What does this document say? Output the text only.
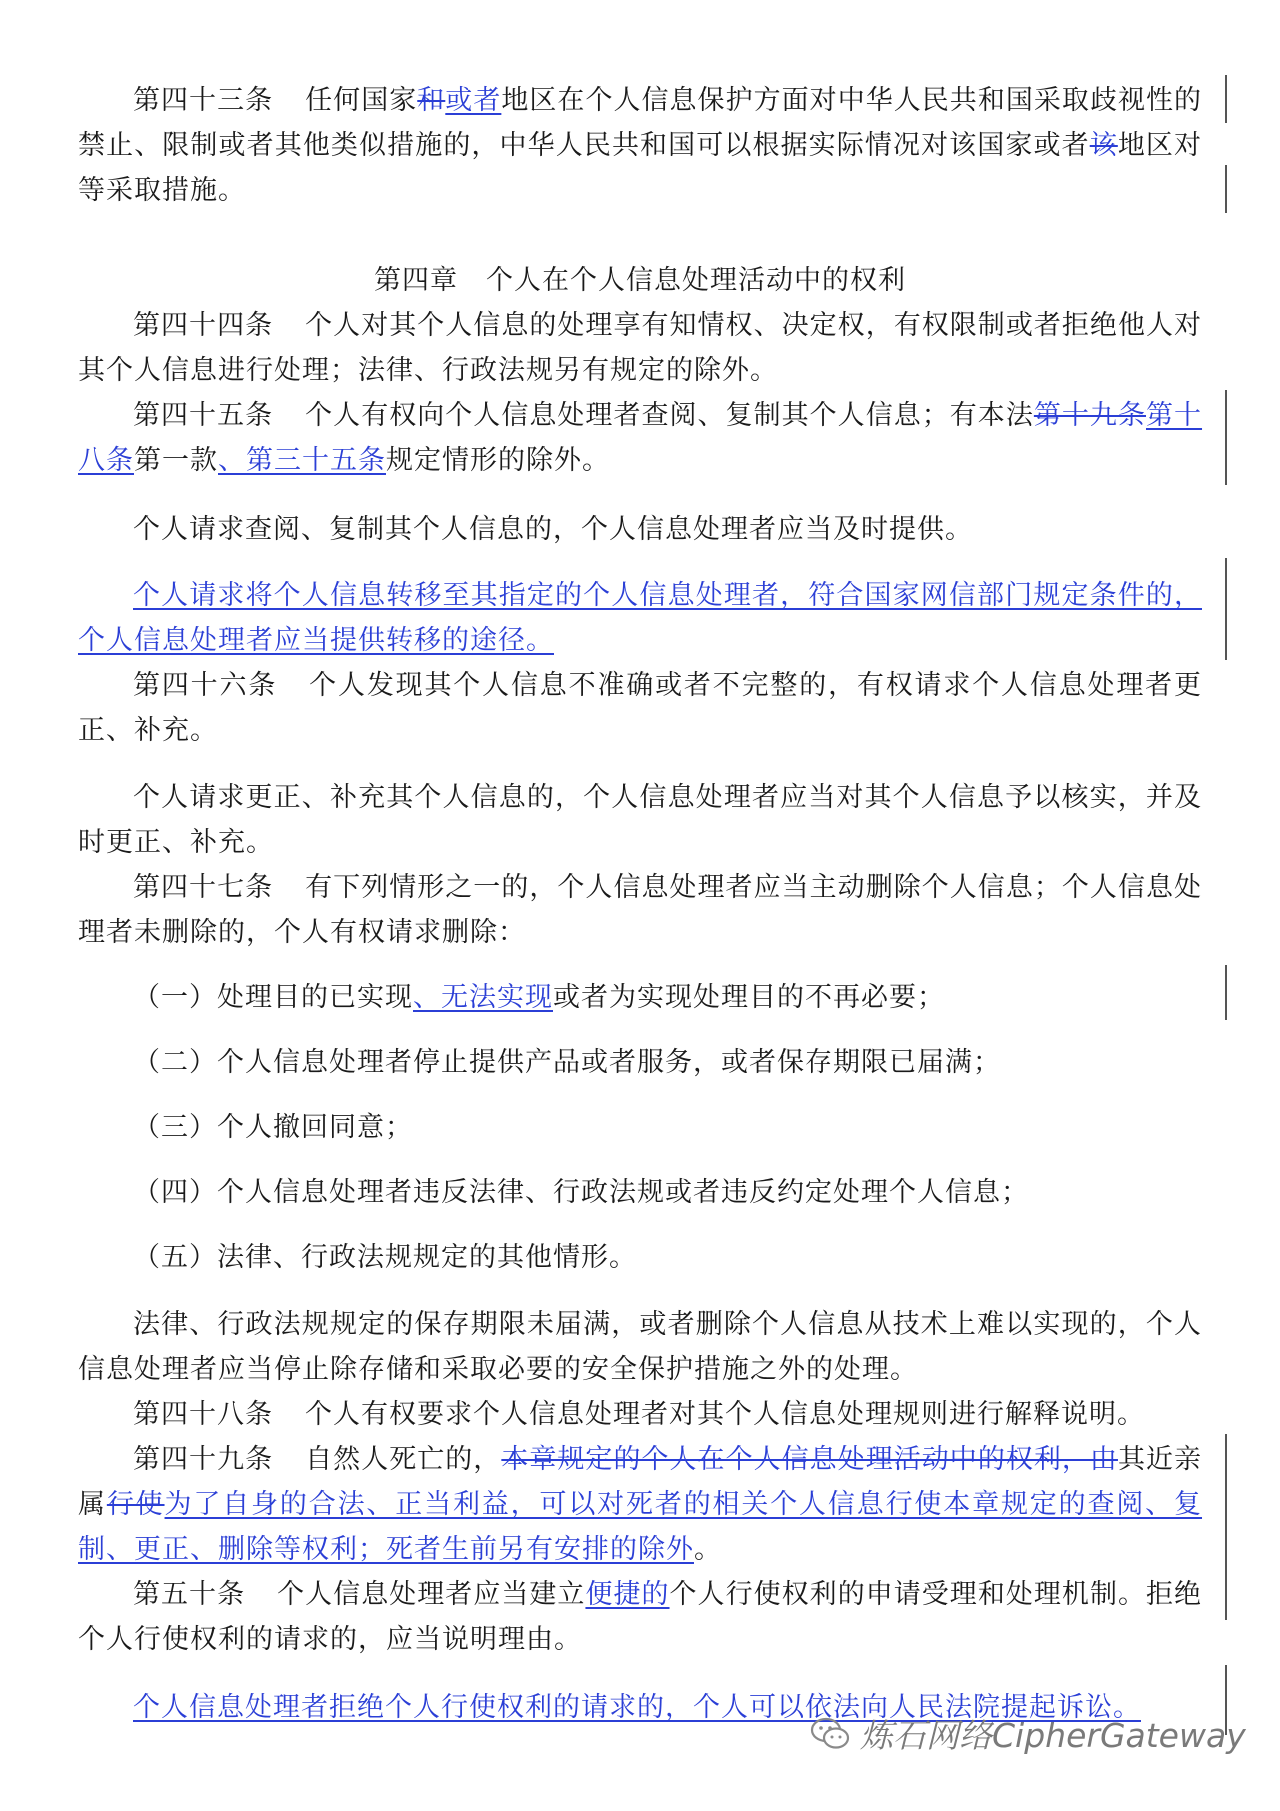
第四十三条 任何国家和或者地区在个人信息保护方面对中华人民共和国采取歧视性的禁止、限制或者其他类似措施的，中华人民共和国可以根据实际情况对该国家或者该地区对等采取措施。

第四章　个人在个人信息处理活动中的权利

第四十四条 个人对其个人信息的处理享有知情权、决定权，有权限制或者拒绝他人对其个人信息进行处理；法律、行政法规另有规定的除外。

第四十五条 个人有权向个人信息处理者查阅、复制其个人信息；有本法第十九条第十八条第一款、第三十五条规定情形的除外。

个人请求查阅、复制其个人信息的，个人信息处理者应当及时提供。

个人请求将个人信息转移至其指定的个人信息处理者，符合国家网信部门规定条件的，个人信息处理者应当提供转移的途径。

第四十六条 个人发现其个人信息不准确或者不完整的，有权请求个人信息处理者更正、补充。

个人请求更正、补充其个人信息的，个人信息处理者应当对其个人信息予以核实，并及时更正、补充。

第四十七条 有下列情形之一的，个人信息处理者应当主动删除个人信息；个人信息处理者未删除的，个人有权请求删除：

（一）处理目的已实现、无法实现或者为实现处理目的不再必要；

（二）个人信息处理者停止提供产品或者服务，或者保存期限已届满；

（三）个人撤回同意；

（四）个人信息处理者违反法律、行政法规或者违反约定处理个人信息；

（五）法律、行政法规规定的其他情形。

法律、行政法规规定的保存期限未届满，或者删除个人信息从技术上难以实现的，个人信息处理者应当停止除存储和采取必要的安全保护措施之外的处理。

第四十八条 个人有权要求个人信息处理者对其个人信息处理规则进行解释说明。

第四十九条 自然人死亡的，本章规定的个人在个人信息处理活动中的权利，由其近亲属行使为了自身的合法、正当利益，可以对死者的相关个人信息行使本章规定的查阅、复制、更正、删除等权利；死者生前另有安排的除外。

第五十条 个人信息处理者应当建立便捷的个人行使权利的申请受理和处理机制。拒绝个人行使权利的请求的，应当说明理由。

个人信息处理者拒绝个人行使权利的请求的，个人可以依法向人民法院提起诉讼。

炼石网络CipherGateway
